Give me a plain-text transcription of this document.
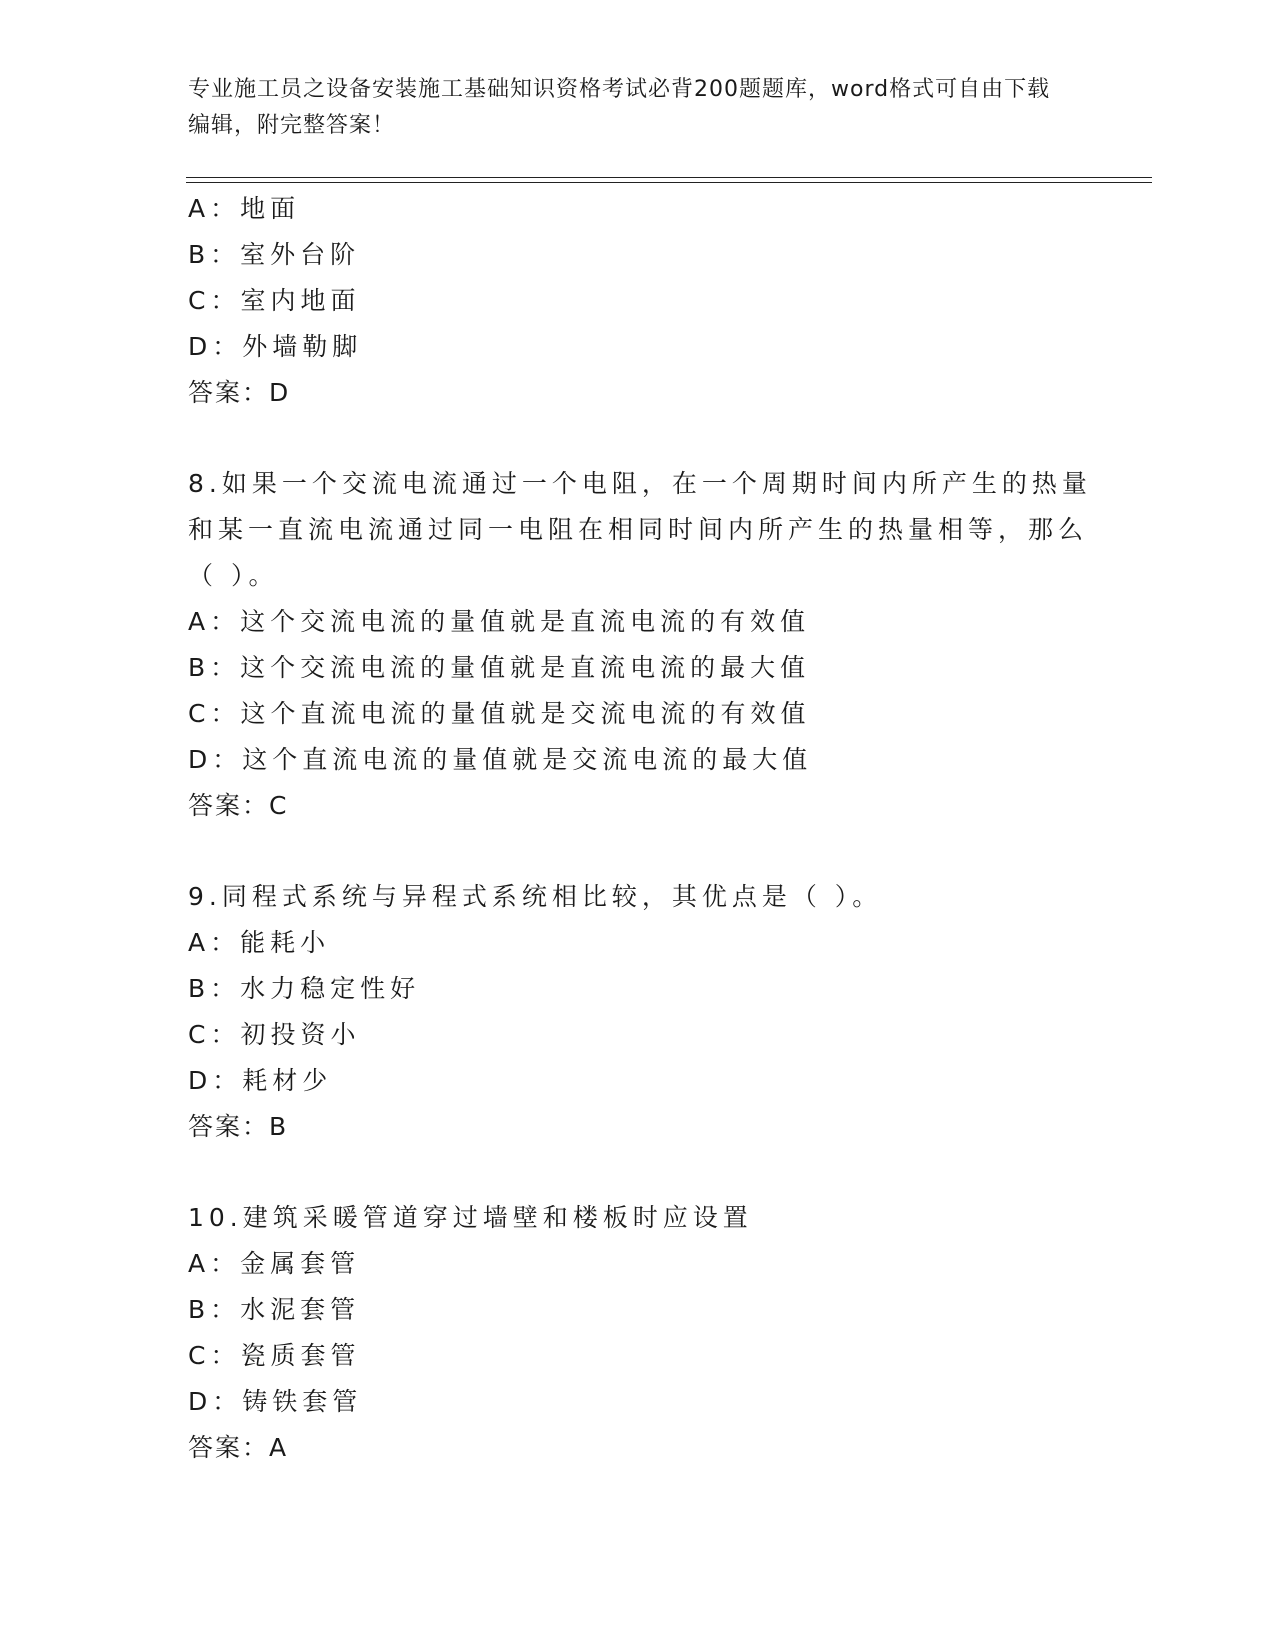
专业施工员之设备安装施工基础知识资格考试必背200题题库，word格式可自由下载编辑，附完整答案！
A：地面
B：室外台阶
C：室内地面
D：外墙勒脚
答案：D
8.如果一个交流电流通过一个电阻，在一个周期时间内所产生的热量
和某一直流电流通过同一电阻在相同时间内所产生的热量相等，那么
（ ）。
A：这个交流电流的量值就是直流电流的有效值
B：这个交流电流的量值就是直流电流的最大值
C：这个直流电流的量值就是交流电流的有效值
D：这个直流电流的量值就是交流电流的最大值
答案：C
9.同程式系统与异程式系统相比较，其优点是（ ）。
A：能耗小
B：水力稳定性好
C：初投资小
D：耗材少
答案：B
10.建筑采暖管道穿过墙壁和楼板时应设置
A：金属套管
B：水泥套管
C：瓷质套管
D：铸铁套管
答案：A
